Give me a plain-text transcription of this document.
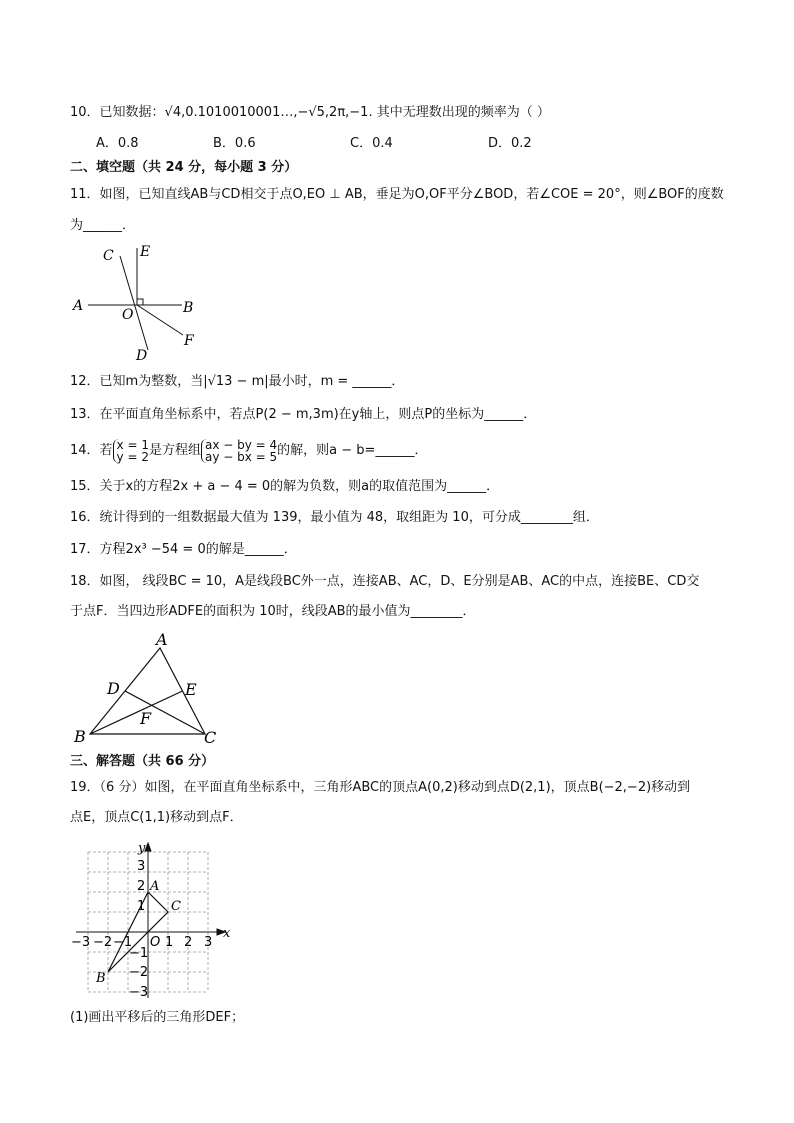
10．已知数据：√4,0.1010010001…,−√5,2π,−1. 其中无理数出现的频率为（ ）
A．0.8	B．0.6	C．0.4	D．0.2
二、填空题（共 24 分，每小题 3 分）
11．如图，已知直线AB与CD相交于点O,EO ⊥ AB，垂足为O,OF平分∠BOD，若∠COE = 20°，则∠BOF的度数
为______．
C E
A
O	B
F
D
12．已知m为整数，当|√13 − m|最小时，m = ______．
13．在平面直角坐标系中，若点P(2 − m,3m)在y轴上，则点P的坐标为______．
14．若 x = 1
y = 2是方程组 ax − by = 4
ay − bx = 5的解，则a − b=______．
15．关于x的方程2x + a − 4 = 0的解为负数，则a的取值范围为______．
16．统计得到的一组数据最大值为 139，最小值为 48，取组距为 10，可分成________组．
17．方程2x³ −54 = 0的解是______．
18．如图， 线段BC = 10，A是线段BC外一点，连接AB、AC，D、E分别是AB、AC的中点，连接BE、CD交
于点F．当四边形ADFE的面积为 10时，线段AB的最小值为________．
A
D	E
F
B	C
三、解答题（共 66 分）
19．（6 分）如图，在平面直角坐标系中，三角形ABC的顶点A(0,2)移动到点D(2,1)，顶点B(−2,−2)移动到
点E，顶点C(1,1)移动到点F．
x
y
O
−3 −2 −1	1 2 3
3
2
1
−1
−2
−3
A
B
C
(1)画出平移后的三角形DEF；
